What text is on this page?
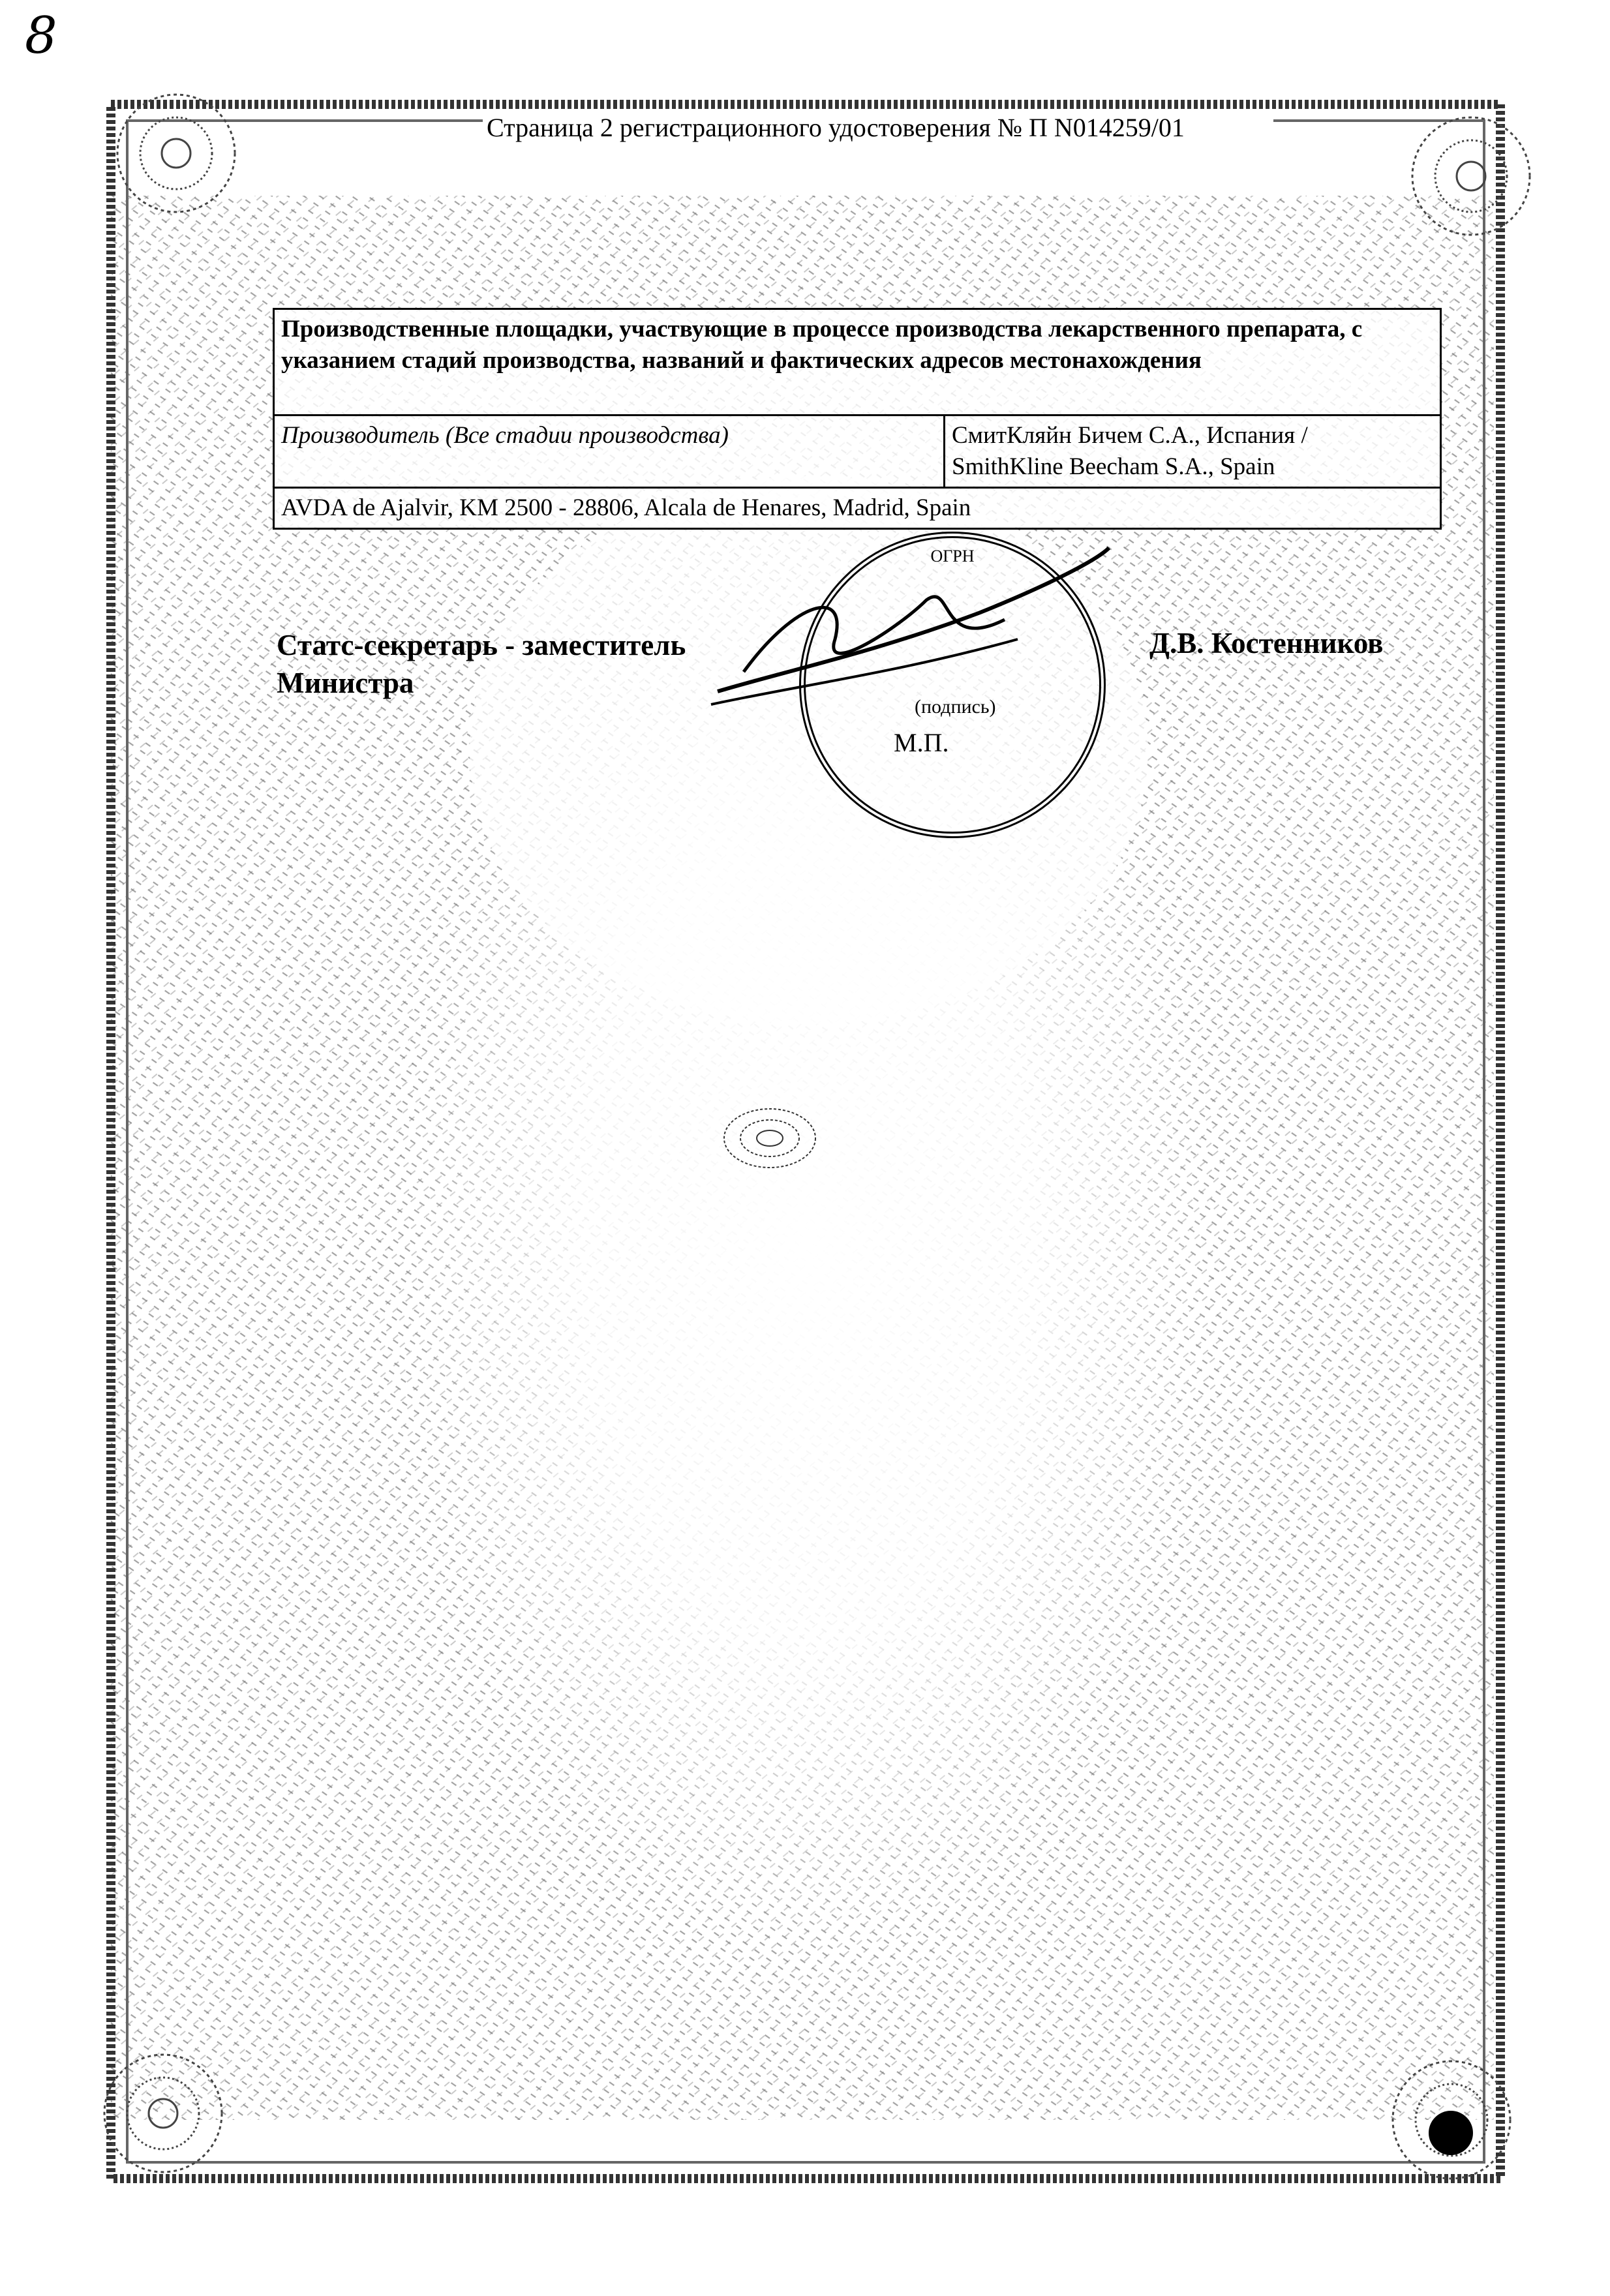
8
Страница 2 регистрационного удостоверения № П N014259/01
Производственные площадки, участвующие в процессе производства лекарственного препарата, с указанием стадий производства, названий и фактических адресов местонахождения
Производитель (Все стадии производства)	СмитКляйн Бичем С.А., Испания /
SmithKline Beecham S.A., Spain

AVDA de Ajalvir, KM 2500 - 28806, Alcala de Henares, Madrid, Spain
Статс-секретарь - заместитель
Министра
ОГРН
(подпись)
М.П.
Д.В. Костенников
